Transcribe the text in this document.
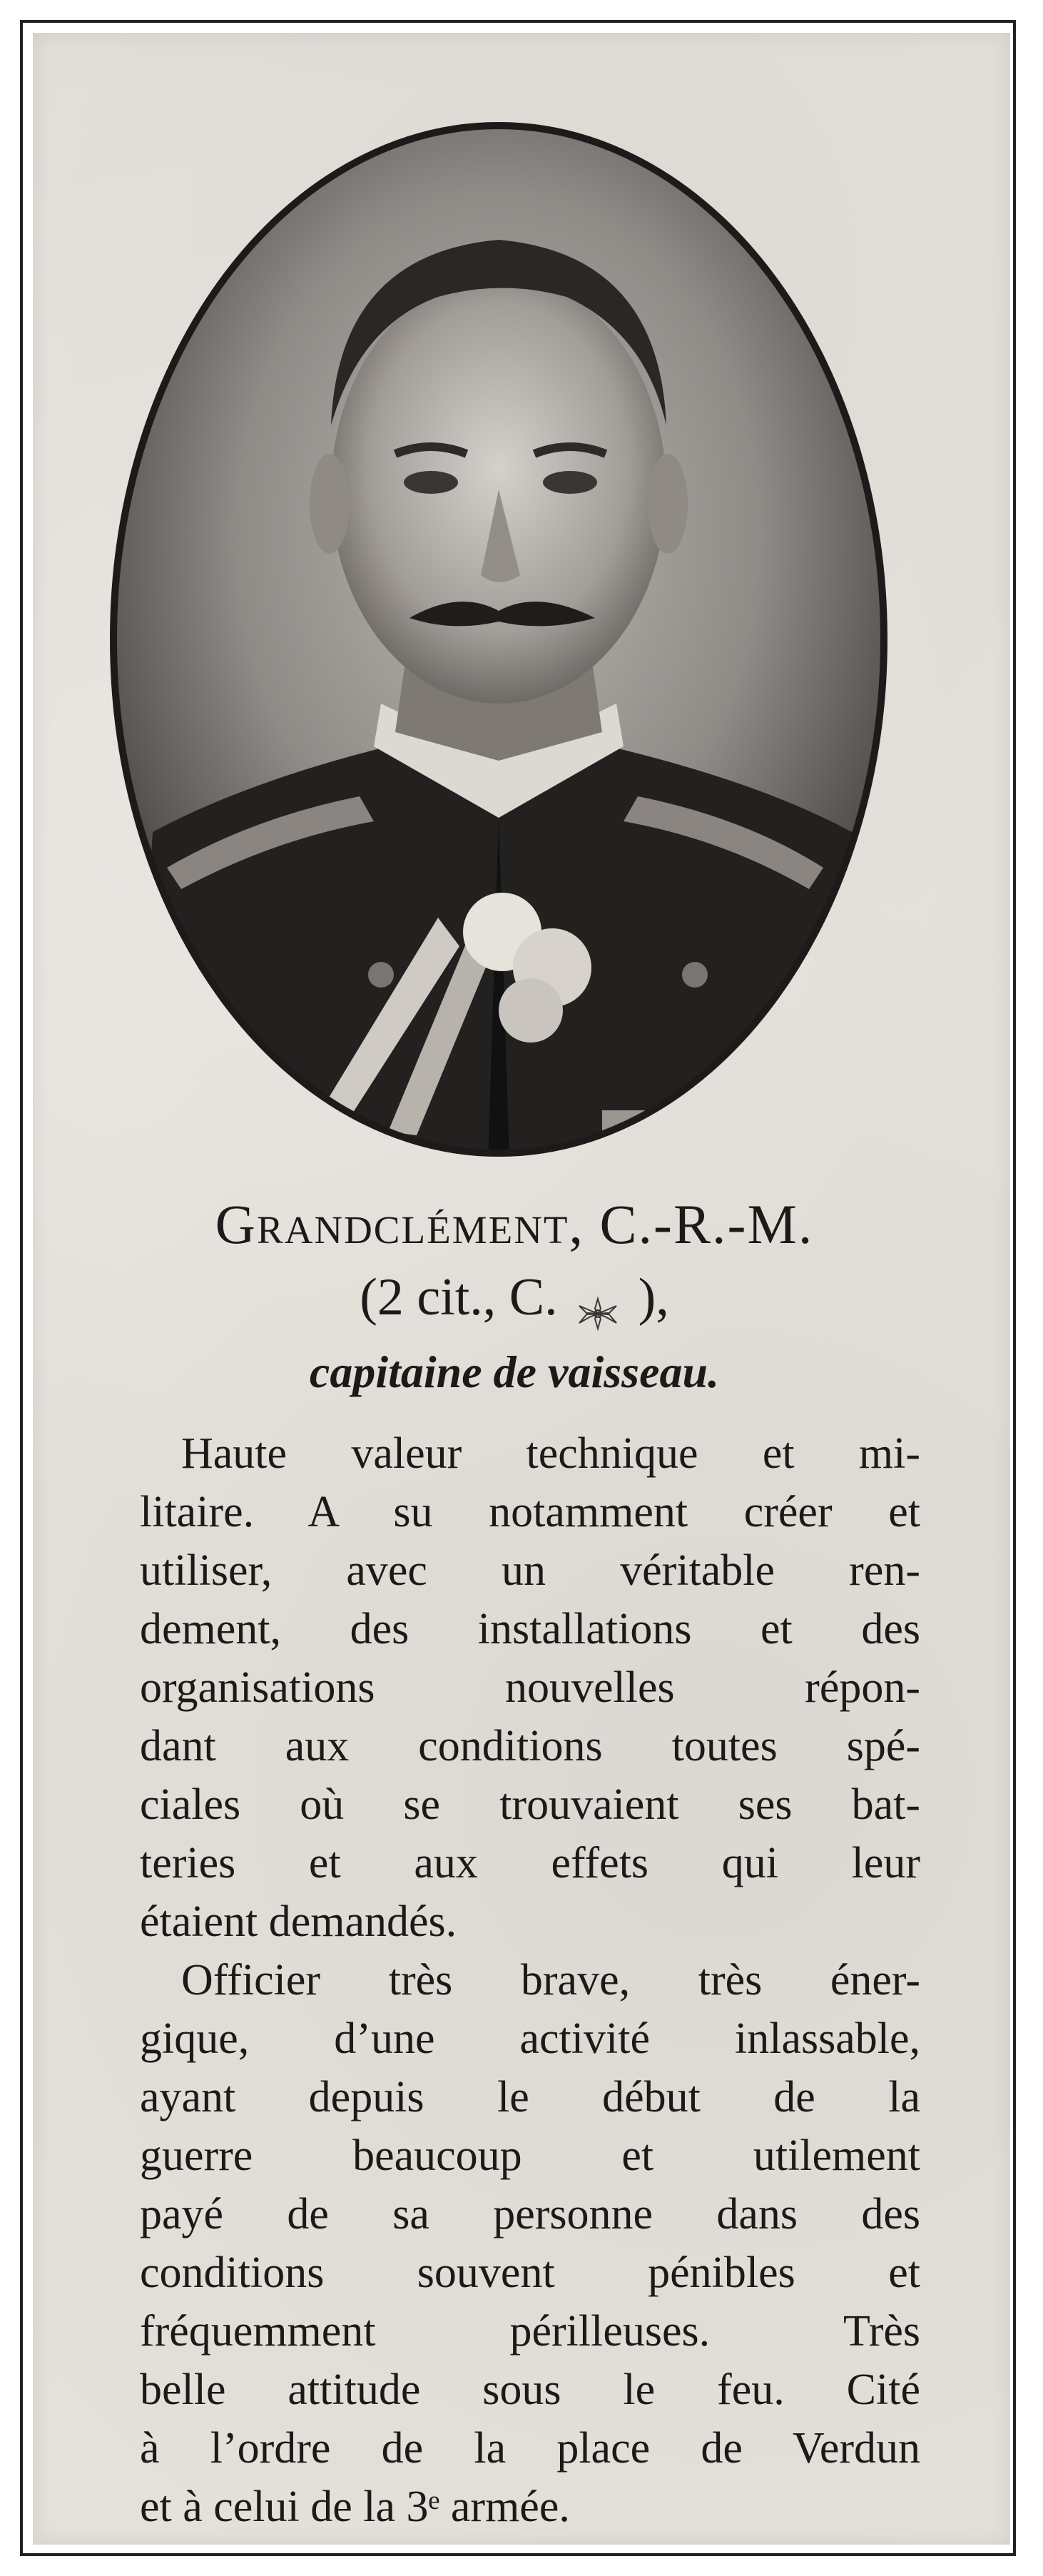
Grandclément, C.-R.-M.
(2 cit., C. ),
capitaine de vaisseau.
Haute valeur technique et mi-
litaire. A su notamment créer et
utiliser, avec un véritable ren-
dement, des installations et des
organisations nouvelles répon-
dant aux conditions toutes spé-
ciales où se trouvaient ses bat-
teries et aux effets qui leur
étaient demandés.
Officier très brave, très éner-
gique, d’une activité inlassable,
ayant depuis le début de la
guerre beaucoup et utilement
payé de sa personne dans des
conditions souvent pénibles et
fréquemment périlleuses. Très
belle attitude sous le feu. Cité
à l’ordre de la place de Verdun
et à celui de la 3ᵉ armée.
